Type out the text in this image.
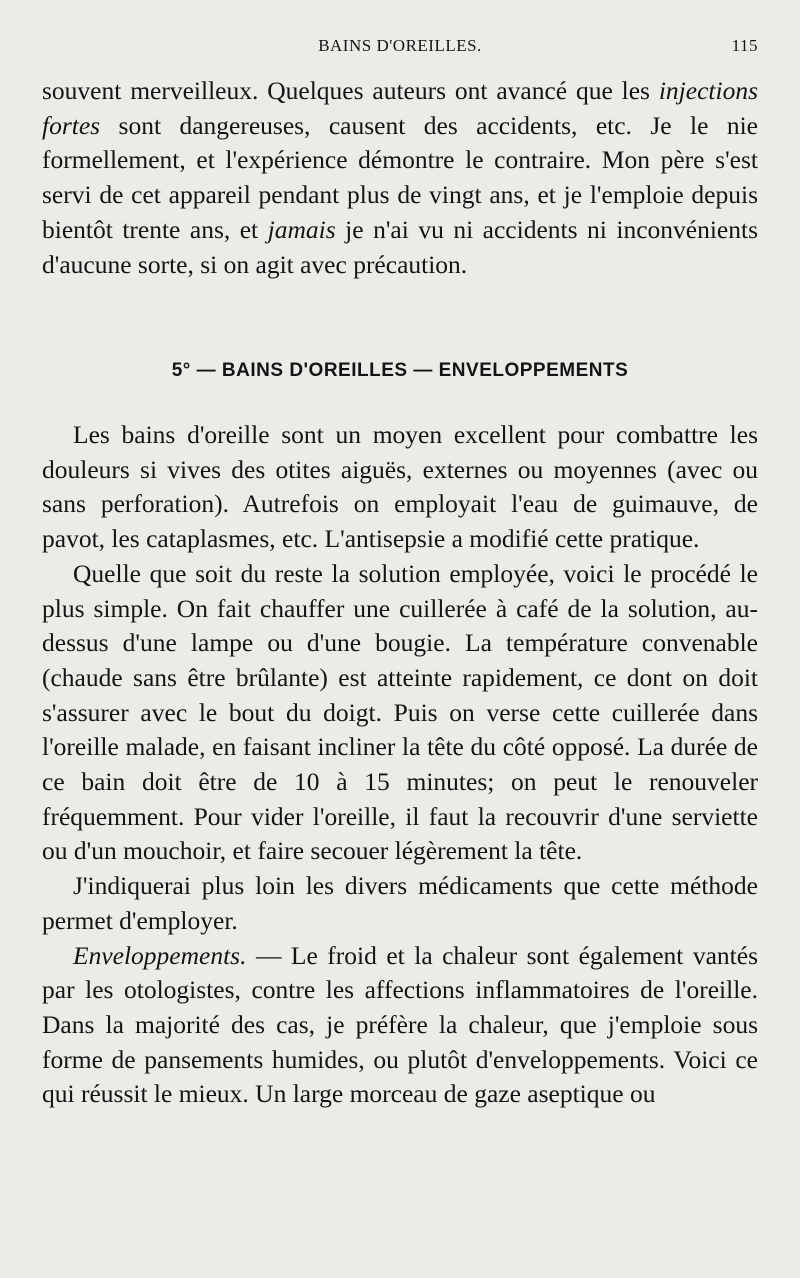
BAINS D'OREILLES.	115

souvent merveilleux. Quelques auteurs ont avancé que les injections fortes sont dangereuses, causent des accidents, etc. Je le nie formellement, et l'expérience démontre le contraire. Mon père s'est servi de cet appareil pendant plus de vingt ans, et je l'emploie depuis bientôt trente ans, et jamais je n'ai vu ni accidents ni inconvénients d'aucune sorte, si on agit avec précaution.

5° — BAINS D'OREILLES — ENVELOPPEMENTS

Les bains d'oreille sont un moyen excellent pour combattre les douleurs si vives des otites aiguës, externes ou moyennes (avec ou sans perforation). Autrefois on employait l'eau de guimauve, de pavot, les cataplasmes, etc. L'antisepsie a modifié cette pratique.

Quelle que soit du reste la solution employée, voici le procédé le plus simple. On fait chauffer une cuillerée à café de la solution, au-dessus d'une lampe ou d'une bougie. La température convenable (chaude sans être brûlante) est atteinte rapidement, ce dont on doit s'assurer avec le bout du doigt. Puis on verse cette cuillerée dans l'oreille malade, en faisant incliner la tête du côté opposé. La durée de ce bain doit être de 10 à 15 minutes; on peut le renouveler fréquemment. Pour vider l'oreille, il faut la recouvrir d'une serviette ou d'un mouchoir, et faire secouer légèrement la tête.

J'indiquerai plus loin les divers médicaments que cette méthode permet d'employer.

Enveloppements. — Le froid et la chaleur sont également vantés par les otologistes, contre les affections inflammatoires de l'oreille. Dans la majorité des cas, je préfère la chaleur, que j'emploie sous forme de pansements humides, ou plutôt d'enveloppements. Voici ce qui réussit le mieux. Un large morceau de gaze aseptique ou
